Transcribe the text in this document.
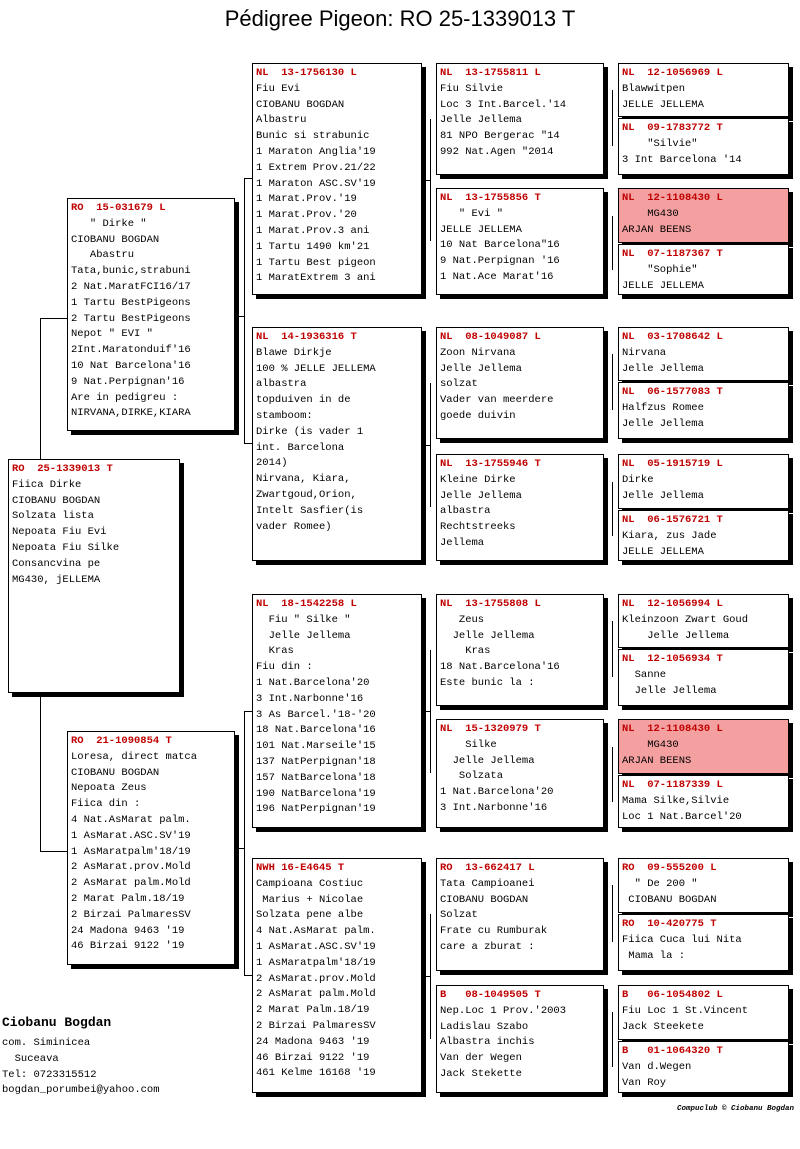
Pédigree Pigeon: RO 25-1339013 T
RO  25-1339013 T
Fiica Dirke
CIOBANU BOGDAN
Solzata lista
Nepoata Fiu Evi
Nepoata Fiu Silke
Consancvina pe
MG430, jELLEMA
RO  15-031679 L
" Dirke "
CIOBANU BOGDAN
Abastru
Tata,bunic,strabuni
2 Nat.MaratFCI16/17
1 Tartu BestPigeons
2 Tartu BestPigeons
Nepot " EVI "
2Int.Maratonduif'16
10 Nat Barcelona'16
9 Nat.Perpignan'16
Are in pedigreu :
NIRVANA,DIRKE,KIARA
RO  21-1090854 T
Loresa, direct matca
CIOBANU BOGDAN
Nepoata Zeus
Fiica din :
4 Nat.AsMarat palm.
1 AsMarat.ASC.SV'19
1 AsMaratpalm'18/19
2 AsMarat.prov.Mold
2 AsMarat palm.Mold
2 Marat Palm.18/19
2 Birzai PalmaresSV
24 Madona 9463 '19
46 Birzai 9122 '19
NL  13-1756130 L
Fiu Evi
CIOBANU BOGDAN
Albastru
Bunic si strabunic
1 Maraton Anglia'19
1 Extrem Prov.21/22
1 Maraton ASC.SV'19
1 Marat.Prov.'19
1 Marat.Prov.'20
1 Marat.Prov.3 ani
1 Tartu 1490 km'21
1 Tartu Best pigeon
1 MaratExtrem 3 ani
NL  14-1936316 T
Blawe Dirkje
100 % JELLE JELLEMA
albastra
topduiven in de
stamboom:
Dirke (is vader 1
int. Barcelona
2014)
Nirvana, Kiara,
Zwartgoud,Orion,
Intelt Sasfier(is
vader Romee)
NL  18-1542258 L
Fiu " Silke "
Jelle Jellema
Kras
Fiu din :
1 Nat.Barcelona'20
3 Int.Narbonne'16
3 As Barcel.'18-'20
18 Nat.Barcelona'16
101 Nat.Marseile'15
137 NatPerpignan'18
157 NatBarcelona'18
190 NatBarcelona'19
196 NatPerpignan'19
NWH 16-E4645 T
Campioana Costiuc
Marius + Nicolae
Solzata pene albe
4 Nat.AsMarat palm.
1 AsMarat.ASC.SV'19
1 AsMaratpalm'18/19
2 AsMarat.prov.Mold
2 AsMarat palm.Mold
2 Marat Palm.18/19
2 Birzai PalmaresSV
24 Madona 9463 '19
46 Birzai 9122 '19
461 Kelme 16168 '19
NL  13-1755811 L
Fiu Silvie
Loc 3 Int.Barcel.'14
Jelle Jellema
81 NPO Bergerac "14
992 Nat.Agen "2014
NL  13-1755856 T
" Evi "
JELLE JELLEMA
10 Nat Barcelona"16
9 Nat.Perpignan '16
1 Nat.Ace Marat'16
NL  08-1049087 L
Zoon Nirvana
Jelle Jellema
solzat
Vader van meerdere
goede duivin
NL  13-1755946 T
Kleine Dirke
Jelle Jellema
albastra
Rechtstreeks
Jellema
NL  13-1755808 L
Zeus
Jelle Jellema
Kras
18 Nat.Barcelona'16
Este bunic la :
NL  15-1320979 T
Silke
Jelle Jellema
Solzata
1 Nat.Barcelona'20
3 Int.Narbonne'16
RO  13-662417 L
Tata Campioanei
CIOBANU BOGDAN
Solzat
Frate cu Rumburak
care a zburat :
B   08-1049505 T
Nep.Loc 1 Prov.'2003
Ladislau Szabo
Albastra inchis
Van der Wegen
Jack Stekette
NL  12-1056969 L
Blawwitpen
JELLE JELLEMA
NL  09-1783772 T
"Silvie"
3 Int Barcelona '14
NL  12-1108430 L
MG430
ARJAN BEENS
NL  07-1187367 T
"Sophie"
JELLE JELLEMA
NL  03-1708642 L
Nirvana
Jelle Jellema
NL  06-1577083 T
Halfzus Romee
Jelle Jellema
NL  05-1915719 L
Dirke
Jelle Jellema
NL  06-1576721 T
Kiara, zus Jade
JELLE JELLEMA
NL  12-1056994 L
Kleinzoon Zwart Goud
Jelle Jellema
NL  12-1056934 T
Sanne
Jelle Jellema
NL  12-1108430 L
MG430
ARJAN BEENS
NL  07-1187339 L
Mama Silke,Silvie
Loc 1 Nat.Barcel'20
RO  09-555200 L
" De 200 "
CIOBANU BOGDAN
RO  10-420775 T
Fiica Cuca lui Nita
Mama la :
B   06-1054802 L
Fiu Loc 1 St.Vincent
Jack Steekete
B   01-1064320 T
Van d.Wegen
Van Roy
Ciobanu Bogdan
com. Siminicea
Suceava
Tel: 0723315512
bogdan_porumbei@yahoo.com
Compuclub © Ciobanu Bogdan
